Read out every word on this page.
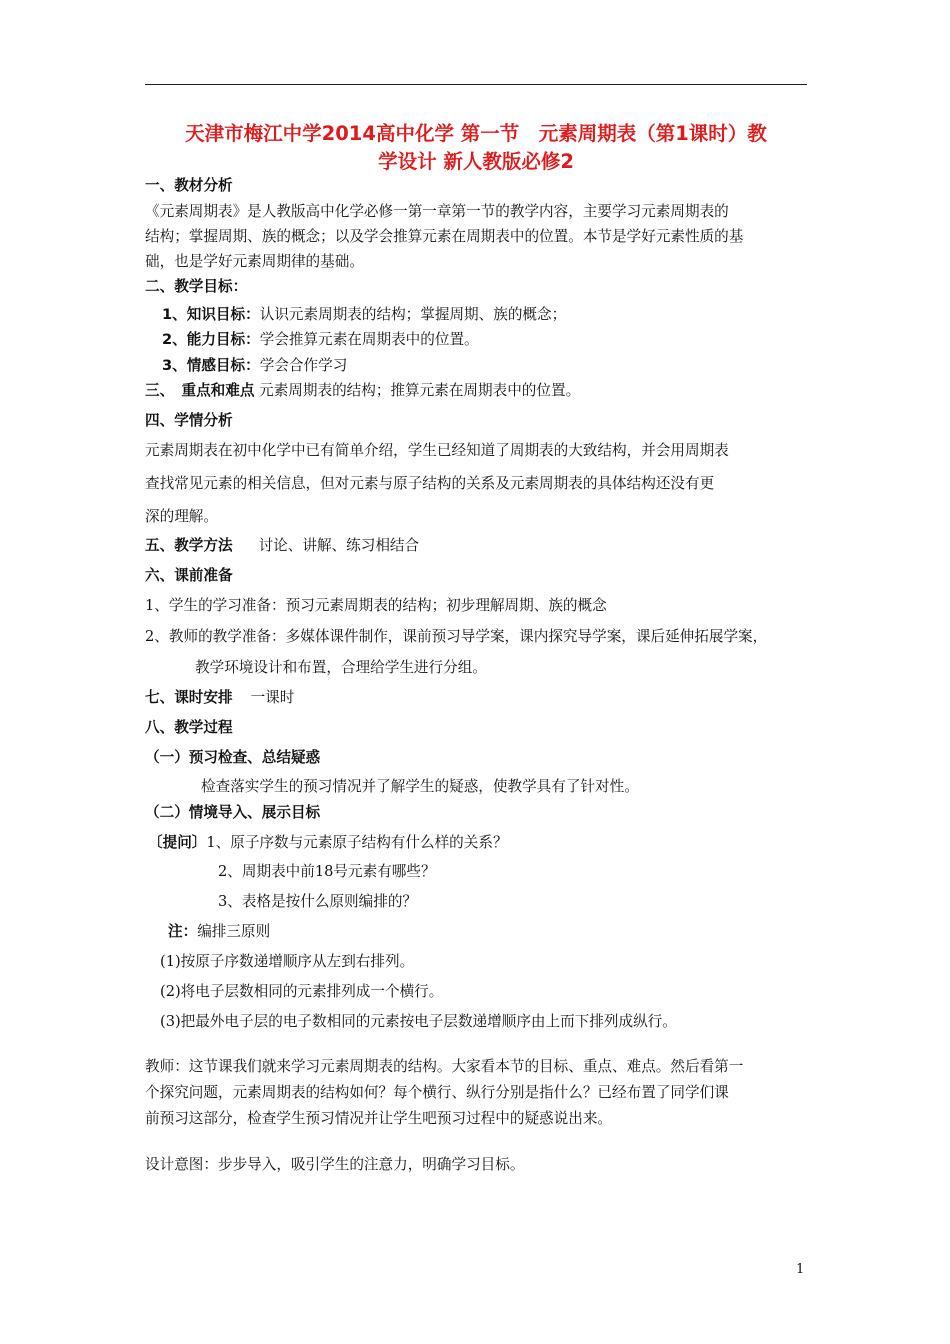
天津市梅江中学2014高中化学 第一节　元素周期表（第1课时）教
学设计 新人教版必修2
一、教材分析
《元素周期表》是人教版高中化学必修一第一章第一节的教学内容，主要学习元素周期表的
结构；掌握周期、族的概念；以及学会推算元素在周期表中的位置。本节是学好元素性质的基
础，也是学好元素周期律的基础。
二、教学目标：
1、知识目标：认识元素周期表的结构；掌握周期、族的概念；
2、能力目标：学会推算元素在周期表中的位置。
3、情感目标：学会合作学习
三、　重点和难点 元素周期表的结构；推算元素在周期表中的位置。
四、学情分析
元素周期表在初中化学中已有简单介绍，学生已经知道了周期表的大致结构，并会用周期表
查找常见元素的相关信息，但对元素与原子结构的关系及元素周期表的具体结构还没有更
深的理解。
五、教学方法 讨论、讲解、练习相结合
六、课前准备
1、学生的学习准备：预习元素周期表的结构；初步理解周期、族的概念
2、教师的教学准备：多媒体课件制作，课前预习导学案，课内探究导学案，课后延伸拓展学案，
教学环境设计和布置，合理给学生进行分组。
七、课时安排 一课时
八、教学过程
（一）预习检查、总结疑惑
检查落实学生的预习情况并了解学生的疑惑，使教学具有了针对性。
（二）情境导入、展示目标
〔提问〕1、原子序数与元素原子结构有什么样的关系？
2、周期表中前18号元素有哪些？
3、表格是按什么原则编排的？
注：编排三原则
(1)按原子序数递增顺序从左到右排列。
(2)将电子层数相同的元素排列成一个横行。
(3)把最外电子层的电子数相同的元素按电子层数递增顺序由上而下排列成纵行。
教师：这节课我们就来学习元素周期表的结构。大家看本节的目标、重点、难点。然后看第一
个探究问题，元素周期表的结构如何？每个横行、纵行分别是指什么？已经布置了同学们课
前预习这部分，检查学生预习情况并让学生吧预习过程中的疑惑说出来。
设计意图：步步导入，吸引学生的注意力，明确学习目标。
1
